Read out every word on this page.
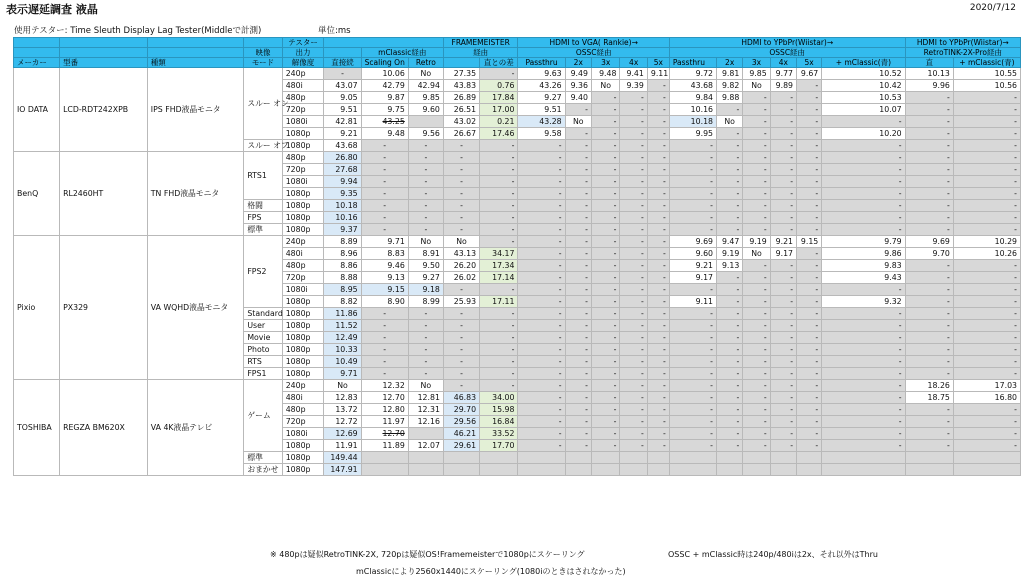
表示遅延調査 液晶	2020/7/12
使用テスター: Time Sleuth Display Lag Tester(Middleで計測)	単位:ms
				テスター				FRAMEMEISTER		HDMI to VGA( Rankie)→					HDMI to YPbPr(Wiistar)→						HDMI to YPbPr(Wiistar)→	
			映像	出力		mClassic経由		経由		OSSC経由					OSSC経由						RetroTINK-2X-Pro経由	
メーカー	型番	種類	モード	解像度	直接続	Scaling On	Retro		直との差	Passthru	2x	3x	4x	5x	Passthru	2x	3x	4x	5x	+ mClassic(青)	直	+ mClassic(青)
IO DATA	LCD-RDT242XPB	IPS FHD液晶モニタ	スルー オン	240p	-	10.06	No	27.35	-	9.63	9.49	9.48	9.41	9.11	9.72	9.81	9.85	9.77	9.67	10.52	10.13	10.55
				480i	43.07	42.79	42.94	43.83	0.76	43.26	9.36	No	9.39	-	43.68	9.82	No	9.89	-	10.42	9.96	10.56
				480p	9.05	9.87	9.85	26.89	17.84	9.27	9.40	-	-	-	9.84	9.88	-	-	-	10.53	-	-
				720p	9.51	9.75	9.60	26.51	17.00	9.51	-	-	-	-	10.16	-	-	-	-	10.07	-	-
				1080i	42.81	43.25		43.02	0.21	43.28	No	-	-	-	10.18	No	-	-	-	-	-	-
				1080p	9.21	9.48	9.56	26.67	17.46	9.58	-	-	-	-	9.95	-	-	-	-	10.20	-	-
			スルー オフ	1080p	43.68	-	-	-	-	-	-	-	-	-	-	-	-	-	-	-	-	-
BenQ	RL2460HT	TN FHD液晶モニタ	RTS1	480p	26.80	-	-	-	-	-	-	-	-	-	-	-	-	-	-	-	-	-
				720p	27.68	-	-	-	-	-	-	-	-	-	-	-	-	-	-	-	-	-
				1080i	9.94	-	-	-	-	-	-	-	-	-	-	-	-	-	-	-	-	-
				1080p	9.35	-	-	-	-	-	-	-	-	-	-	-	-	-	-	-	-	-
			格闘	1080p	10.18	-	-	-	-	-	-	-	-	-	-	-	-	-	-	-	-	-
			FPS	1080p	10.16	-	-	-	-	-	-	-	-	-	-	-	-	-	-	-	-	-
			標準	1080p	9.37	-	-	-	-	-	-	-	-	-	-	-	-	-	-	-	-	-
Pixio	PX329	VA WQHD液晶モニタ	FPS2	240p	8.89	9.71	No	No	-	-	-	-	-	-	9.69	9.47	9.19	9.21	9.15	9.79	9.69	10.29
				480i	8.96	8.83	8.91	43.13	34.17	-	-	-	-	-	9.60	9.19	No	9.17	-	9.86	9.70	10.26
				480p	8.86	9.46	9.50	26.20	17.34	-	-	-	-	-	9.21	9.13	-	-	-	9.83	-	-
				720p	8.88	9.13	9.27	26.02	17.14	-	-	-	-	-	9.17	-	-	-	-	9.43	-	-
				1080i	8.95	9.15	9.18	-	-	-	-	-	-	-	-	-	-	-	-	-	-	-
				1080p	8.82	8.90	8.99	25.93	17.11	-	-	-	-	-	9.11	-	-	-	-	9.32	-	-
			Standard	1080p	11.86	-	-	-	-	-	-	-	-	-	-	-	-	-	-	-	-	-
			User	1080p	11.52	-	-	-	-	-	-	-	-	-	-	-	-	-	-	-	-	-
			Movie	1080p	12.49	-	-	-	-	-	-	-	-	-	-	-	-	-	-	-	-	-
			Photo	1080p	10.33	-	-	-	-	-	-	-	-	-	-	-	-	-	-	-	-	-
			RTS	1080p	10.49	-	-	-	-	-	-	-	-	-	-	-	-	-	-	-	-	-
			FPS1	1080p	9.71	-	-	-	-	-	-	-	-	-	-	-	-	-	-	-	-	-
TOSHIBA	REGZA BM620X	VA 4K液晶テレビ	ゲーム	240p	No	12.32	No	-	-	-	-	-	-	-	-	-	-	-	-	-	18.26	17.03
				480i	12.83	12.70	12.81	46.83	34.00	-	-	-	-	-	-	-	-	-	-	-	18.75	16.80
				480p	13.72	12.80	12.31	29.70	15.98	-	-	-	-	-	-	-	-	-	-	-	-	-
				720p	12.72	11.97	12.16	29.56	16.84	-	-	-	-	-	-	-	-	-	-	-	-	-
				1080i	12.69	12.70		46.21	33.52	-	-	-	-	-	-	-	-	-	-	-	-	-
				1080p	11.91	11.89	12.07	29.61	17.70	-	-	-	-	-	-	-	-	-	-	-	-	-
			標準	1080p	149.44																	
			おまかせ	1080p	147.91																	
※ 480pは疑似RetroTINK-2X, 720pは疑似OS!Framemeisterで1080pにスケーリング	OSSC + mClassic時は240p/480iは2x、それ以外はThru
mClassicにより2560x1440にスケーリング(1080iのときはされなかった)
